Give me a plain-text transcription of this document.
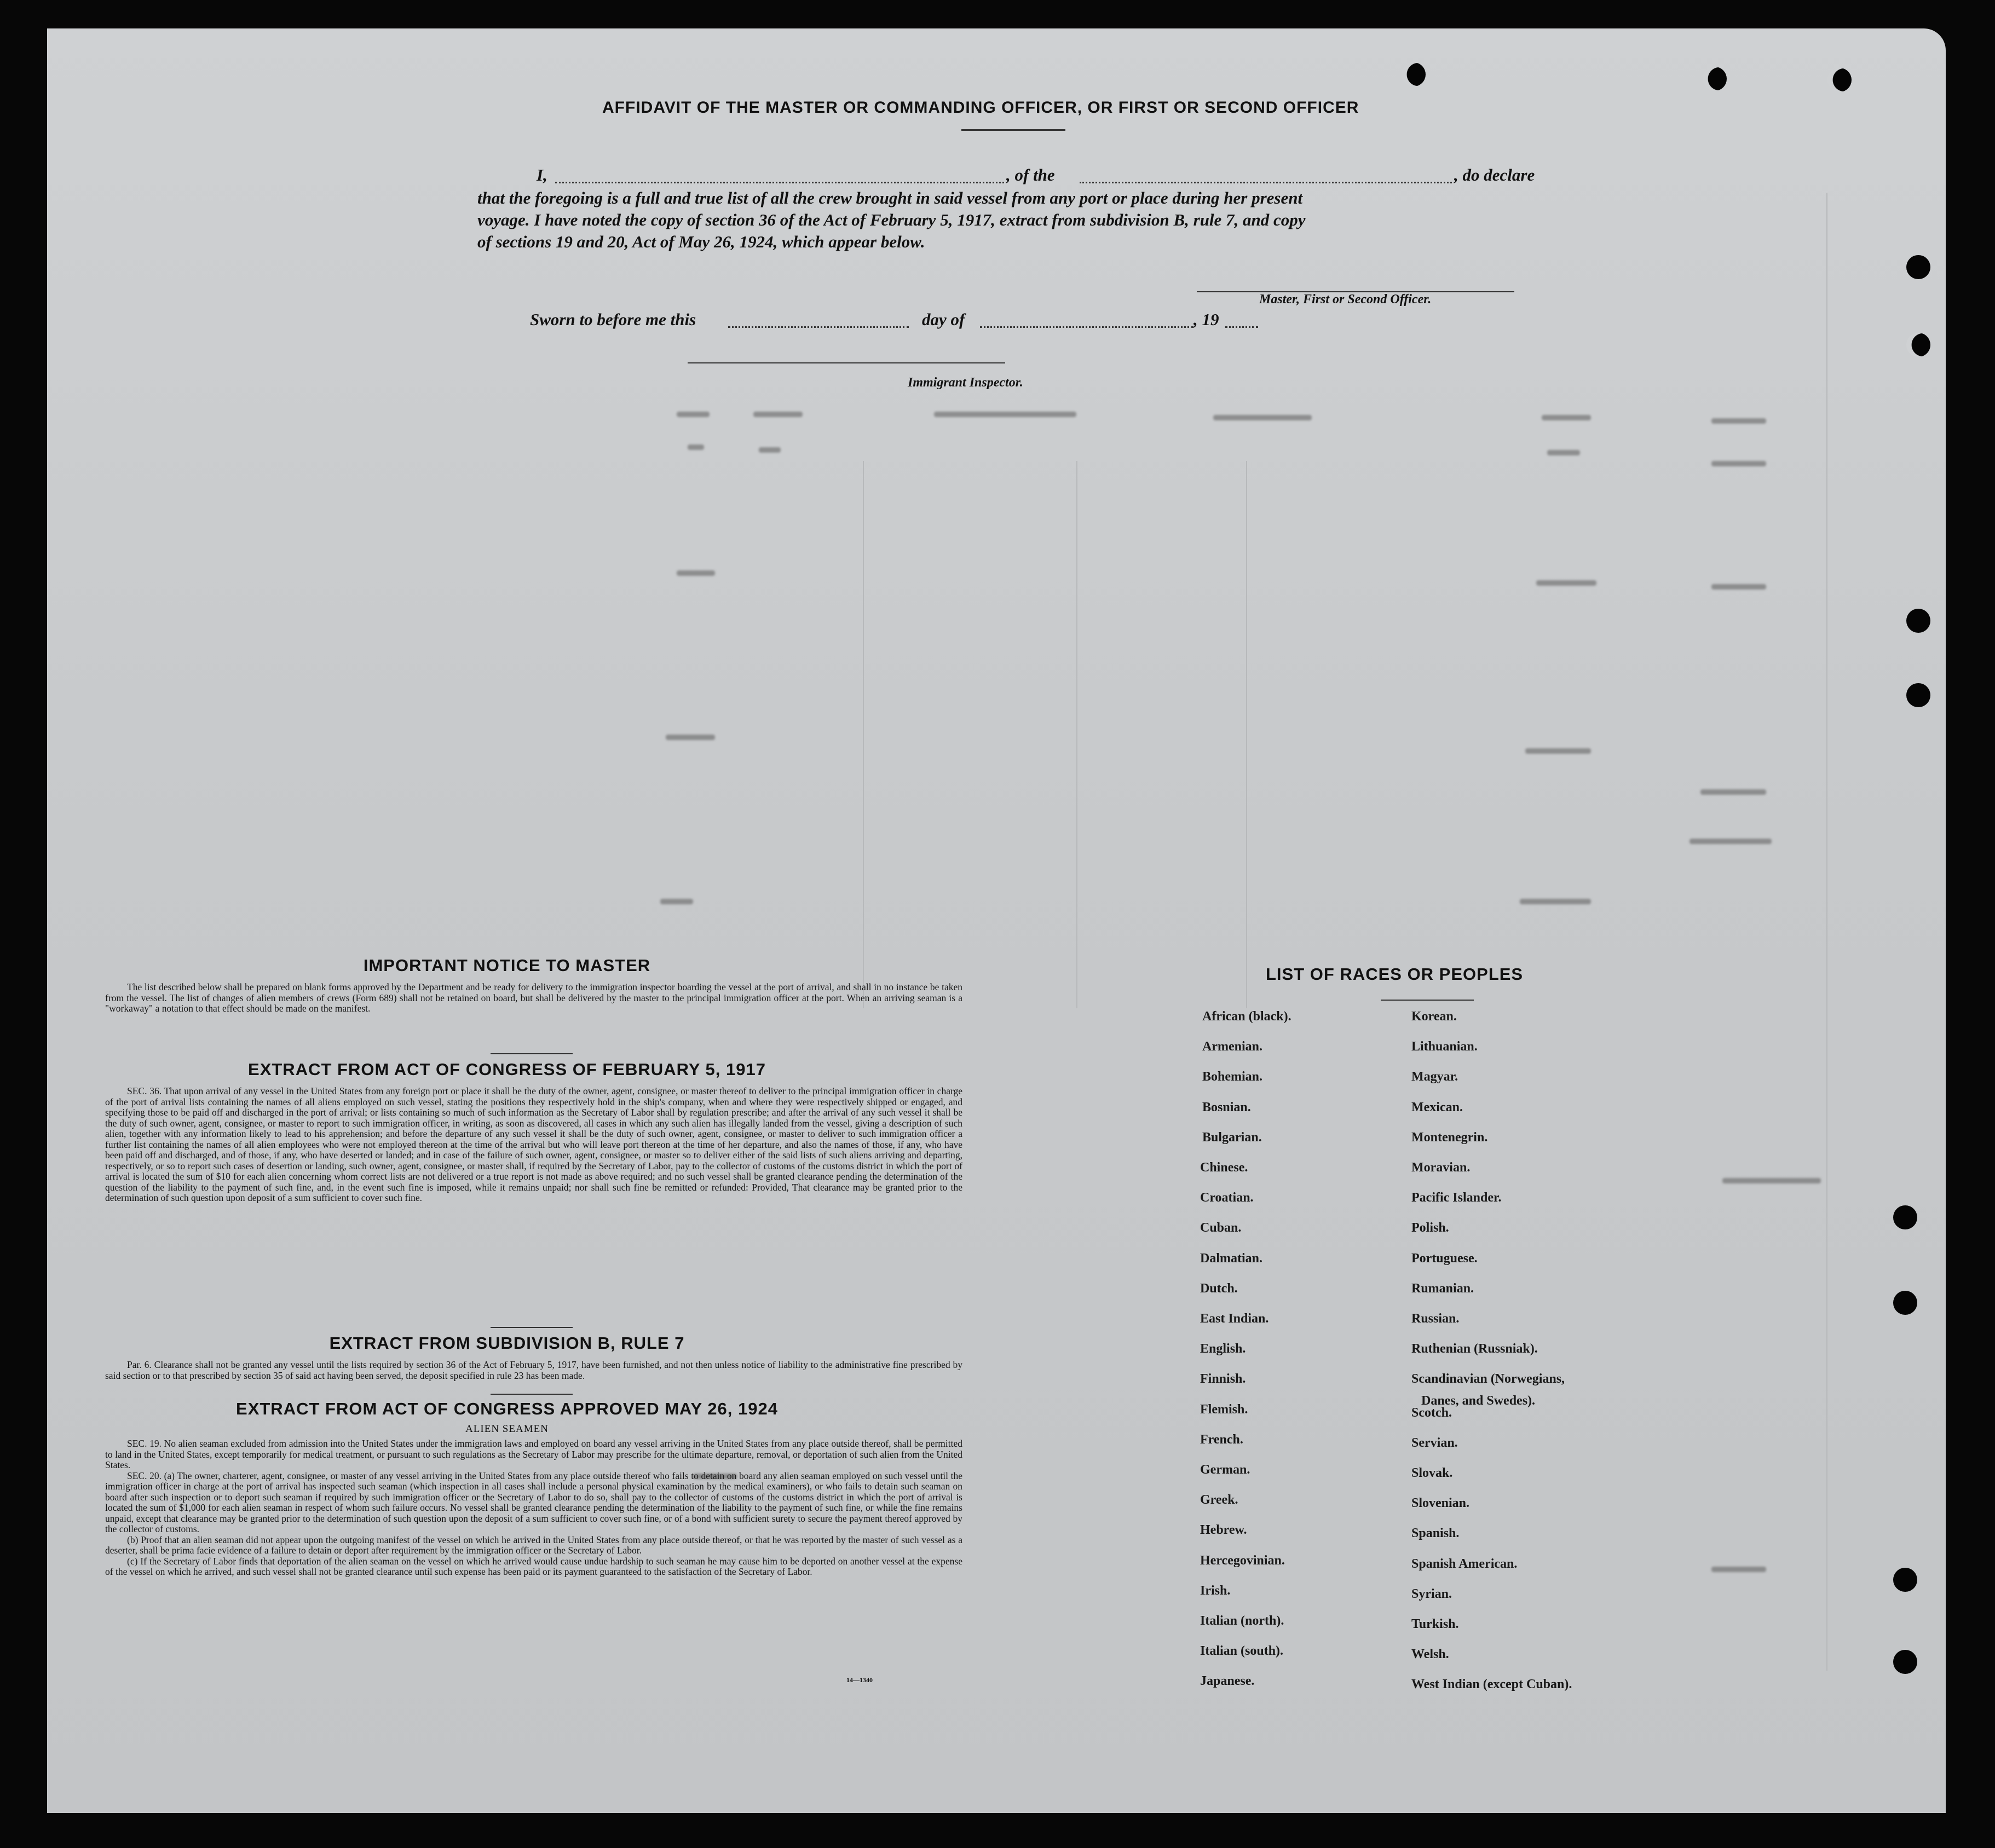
AFFIDAVIT OF THE MASTER OR COMMANDING OFFICER, OR FIRST OR SECOND OFFICER
I,	, of the	, do declare
that the foregoing is a full and true list of all the crew brought in said vessel from any port or place during her present
voyage. I have noted the copy of section 36 of the Act of February 5, 1917, extract from subdivision B, rule 7, and copy
of sections 19 and 20, Act of May 26, 1924, which appear below.
Master, First or Second Officer.
Sworn to before me this	day of	, 19
Immigrant Inspector.
IMPORTANT NOTICE TO MASTER

The list described below shall be prepared on blank forms approved by the Department and be ready for delivery to the immigration inspector boarding the vessel at the port of arrival, and shall in no instance be taken from the vessel. The list of changes of alien members of crews (Form 689) shall not be retained on board, but shall be delivered by the master to the principal immigration officer at the port. When an arriving seaman is a "workaway" a notation to that effect should be made on the manifest.

EXTRACT FROM ACT OF CONGRESS OF FEBRUARY 5, 1917

SEC. 36. That upon arrival of any vessel in the United States from any foreign port or place it shall be the duty of the owner, agent, consignee, or master thereof to deliver to the principal immigration officer in charge of the port of arrival lists containing the names of all aliens employed on such vessel, stating the positions they respectively hold in the ship's company, when and where they were respectively shipped or engaged, and specifying those to be paid off and discharged in the port of arrival; or lists containing so much of such information as the Secretary of Labor shall by regulation prescribe; and after the arrival of any such vessel it shall be the duty of such owner, agent, consignee, or master to report to such immigration officer, in writing, as soon as discovered, all cases in which any such alien has illegally landed from the vessel, giving a description of such alien, together with any information likely to lead to his apprehension; and before the departure of any such vessel it shall be the duty of such owner, agent, consignee, or master to deliver to such immigration officer a further list containing the names of all alien employees who were not employed thereon at the time of the arrival but who will leave port thereon at the time of her departure, and also the names of those, if any, who have been paid off and discharged, and of those, if any, who have deserted or landed; and in case of the failure of such owner, agent, consignee, or master so to deliver either of the said lists of such aliens arriving and departing, respectively, or so to report such cases of desertion or landing, such owner, agent, consignee, or master shall, if required by the Secretary of Labor, pay to the collector of customs of the customs district in which the port of arrival is located the sum of $10 for each alien concerning whom correct lists are not delivered or a true report is not made as above required; and no such vessel shall be granted clearance pending the determination of the question of the liability to the payment of such fine, and, in the event such fine is imposed, while it remains unpaid; nor shall such fine be remitted or refunded: Provided, That clearance may be granted prior to the determination of such question upon deposit of a sum sufficient to cover such fine.

EXTRACT FROM SUBDIVISION B, RULE 7

Par. 6. Clearance shall not be granted any vessel until the lists required by section 36 of the Act of February 5, 1917, have been furnished, and not then unless notice of liability to the administrative fine prescribed by said section or to that prescribed by section 35 of said act having been served, the deposit specified in rule 23 has been made.

EXTRACT FROM ACT OF CONGRESS APPROVED MAY 26, 1924
ALIEN SEAMEN

SEC. 19. No alien seaman excluded from admission into the United States under the immigration laws and employed on board any vessel arriving in the United States from any place outside thereof, shall be permitted to land in the United States, except temporarily for medical treatment, or pursuant to such regulations as the Secretary of Labor may prescribe for the ultimate departure, removal, or deportation of such alien from the United States.

SEC. 20. (a) The owner, charterer, agent, consignee, or master of any vessel arriving in the United States from any place outside thereof who fails to detain on board any alien seaman employed on such vessel until the immigration officer in charge at the port of arrival has inspected such seaman (which inspection in all cases shall include a personal physical examination by the medical examiners), or who fails to detain such seaman on board after such inspection or to deport such seaman if required by such immigration officer or the Secretary of Labor to do so, shall pay to the collector of customs of the customs district in which the port of arrival is located the sum of $1,000 for each alien seaman in respect of whom such failure occurs. No vessel shall be granted clearance pending the determination of the liability to the payment of such fine, or while the fine remains unpaid, except that clearance may be granted prior to the determination of such question upon the deposit of a sum sufficient to cover such fine, or of a bond with sufficient surety to secure the payment thereof approved by the collector of customs.

(b) Proof that an alien seaman did not appear upon the outgoing manifest of the vessel on which he arrived in the United States from any place outside thereof, or that he was reported by the master of such vessel as a deserter, shall be prima facie evidence of a failure to detain or deport after requirement by the immigration officer or the Secretary of Labor.

(c) If the Secretary of Labor finds that deportation of the alien seaman on the vessel on which he arrived would cause undue hardship to such seaman he may cause him to be deported on another vessel at the expense of the vessel on which he arrived, and such vessel shall not be granted clearance until such expense has been paid or its payment guaranteed to the satisfaction of the Secretary of Labor.

14—1340
LIST OF RACES OR PEOPLES
Danes, and Swedes).
African (black).
Armenian.
Bohemian.
Bosnian.
Bulgarian.
Chinese.
Croatian.
Cuban.
Dalmatian.
Dutch.
East Indian.
English.
Finnish.
Flemish.
French.
German.
Greek.
Hebrew.
Hercegovinian.
Irish.
Italian (north).
Italian (south).
Japanese.
Korean.
Lithuanian.
Magyar.
Mexican.
Montenegrin.
Moravian.
Pacific Islander.
Polish.
Portuguese.
Rumanian.
Russian.
Ruthenian (Russniak).
Scandinavian (Norwegians,
Scotch.
Servian.
Slovak.
Slovenian.
Spanish.
Spanish American.
Syrian.
Turkish.
Welsh.
West Indian (except Cuban).
